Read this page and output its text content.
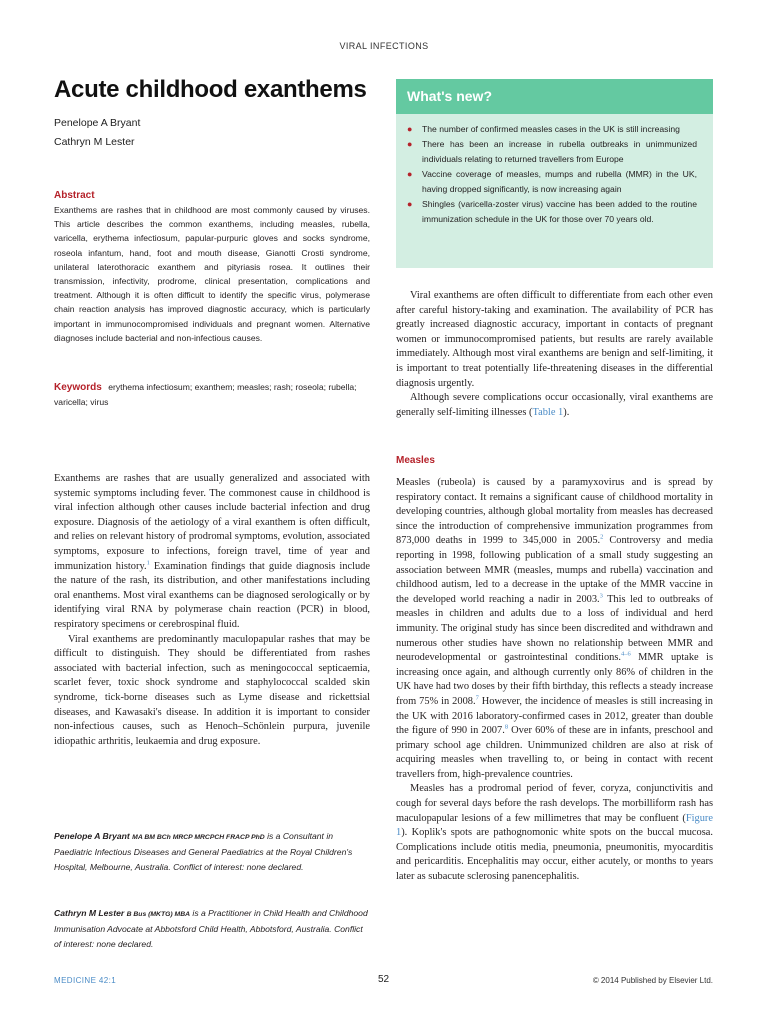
VIRAL INFECTIONS
Acute childhood exanthems
Penelope A Bryant
Cathryn M Lester
Abstract
Exanthems are rashes that in childhood are most commonly caused by viruses. This article describes the common exanthems, including measles, rubella, varicella, erythema infectiosum, papular-purpuric gloves and socks syndrome, roseola infantum, hand, foot and mouth disease, Gianotti Crosti syndrome, unilateral laterothoracic exanthem and pityriasis rosea. It outlines their transmission, infectivity, prodrome, clinical presentation, complications and treatment. Although it is often difficult to identify the specific virus, polymerase chain reaction analysis has improved diagnostic accuracy, which is particularly important in immunocompromised individuals and pregnant women. Alternative diagnoses include bacterial and non-infectious causes.
Keywords erythema infectiosum; exanthem; measles; rash; roseola; rubella; varicella; virus
What's new?
● The number of confirmed measles cases in the UK is still increasing
● There has been an increase in rubella outbreaks in unimmunized individuals relating to returned travellers from Europe
● Vaccine coverage of measles, mumps and rubella (MMR) in the UK, having dropped significantly, is now increasing again
● Shingles (varicella-zoster virus) vaccine has been added to the routine immunization schedule in the UK for those over 70 years old.

Exanthems are rashes that are usually generalized and associated with systemic symptoms including fever. The commonest cause in childhood is viral infection although other causes include bacterial infection and drug exposure. Diagnosis of the aetiology of a viral exanthem is often difficult, and relies on relevant history of prodromal symptoms, evolution, associated symptoms, exposure to infections, foreign travel, time of year and immunization history.$^1$ Examination findings that guide diagnosis include the nature of the rash, its distribution, and other manifestations including oral enanthems. Most viral exanthems can be diagnosed serologically or by identifying viral RNA by polymerase chain reaction (PCR) in blood, respiratory specimens or cerebrospinal fluid.

Viral exanthems are predominantly maculopapular rashes that may be difficult to distinguish. They should be differentiated from rashes associated with bacterial infection, such as meningococcal septicaemia, scarlet fever, toxic shock syndrome and staphylococcal scalded skin syndrome, tick-borne diseases such as Lyme disease and rickettsial diseases, and Kawasaki's disease. In addition it is important to consider non-infectious causes, such as Henoch–Schönlein purpura, juvenile idiopathic arthritis, leukaemia and drug exposure.

Viral exanthems are often difficult to differentiate from each other even after careful history-taking and examination. The availability of PCR has greatly increased diagnostic accuracy, important in contacts of pregnant women or immunocompromised patients, but results are rarely available immediately. Although most viral exanthems are benign and self-limiting, it is important to treat potentially life-threatening diseases in the differential diagnosis urgently.

Although severe complications occur occasionally, viral exanthems are generally self-limiting illnesses (Table 1).

Measles

Measles (rubeola) is caused by a paramyxovirus and is spread by respiratory contact. It remains a significant cause of childhood mortality in developing countries, although global mortality from measles has decreased since the introduction of comprehensive immunization programmes from 873,000 deaths in 1999 to 345,000 in 2005.$^2$ Controversy and media reporting in 1998, following publication of a small study suggesting an association between MMR (measles, mumps and rubella) vaccination and childhood autism, led to a decrease in the uptake of the MMR vaccine in the developed world reaching a nadir in 2003.$^3$ This led to outbreaks of measles in children and adults due to a loss of individual and herd immunity. The original study has since been discredited and withdrawn and numerous other studies have shown no relationship between MMR and neurodevelopmental or gastrointestinal conditions.$^{4-6}$ MMR uptake is increasing once again, and although currently only 86% of children in the UK have had two doses by their fifth birthday, this reflects a steady increase from 75% in 2008.$^7$ However, the incidence of measles is still increasing in the UK with 2016 laboratory-confirmed cases in 2012, greater than double the figure of 990 in 2007.$^8$ Over 60% of these are in infants, preschool and primary school age children. Unimmunized children are also at risk of acquiring measles when travelling to, or being in contact with recent travellers from, high-prevalence countries.

Measles has a prodromal period of fever, coryza, conjunctivitis and cough for several days before the rash develops. The morbilliform rash has maculopapular lesions of a few millimetres that may be confluent (Figure 1). Koplik's spots are pathognomonic white spots on the buccal mucosa. Complications include otitis media, pneumonia, pneumonitis, myocarditis and pericarditis. Encephalitis may occur, either acutely, or months to years later as subacute sclerosing panencephalitis.

Penelope A Bryant MA BM BCh MRCP MRCPCH FRACP PhD is a Consultant in Paediatric Infectious Diseases and General Paediatrics at the Royal Children's Hospital, Melbourne, Australia. Conflict of interest: none declared.
Cathryn M Lester B Bus (MKTG) MBA is a Practitioner in Child Health and Childhood Immunisation Advocate at Abbotsford Child Health, Abbotsford, Australia. Conflict of interest: none declared.
MEDICINE 42:1	52	© 2014 Published by Elsevier Ltd.
